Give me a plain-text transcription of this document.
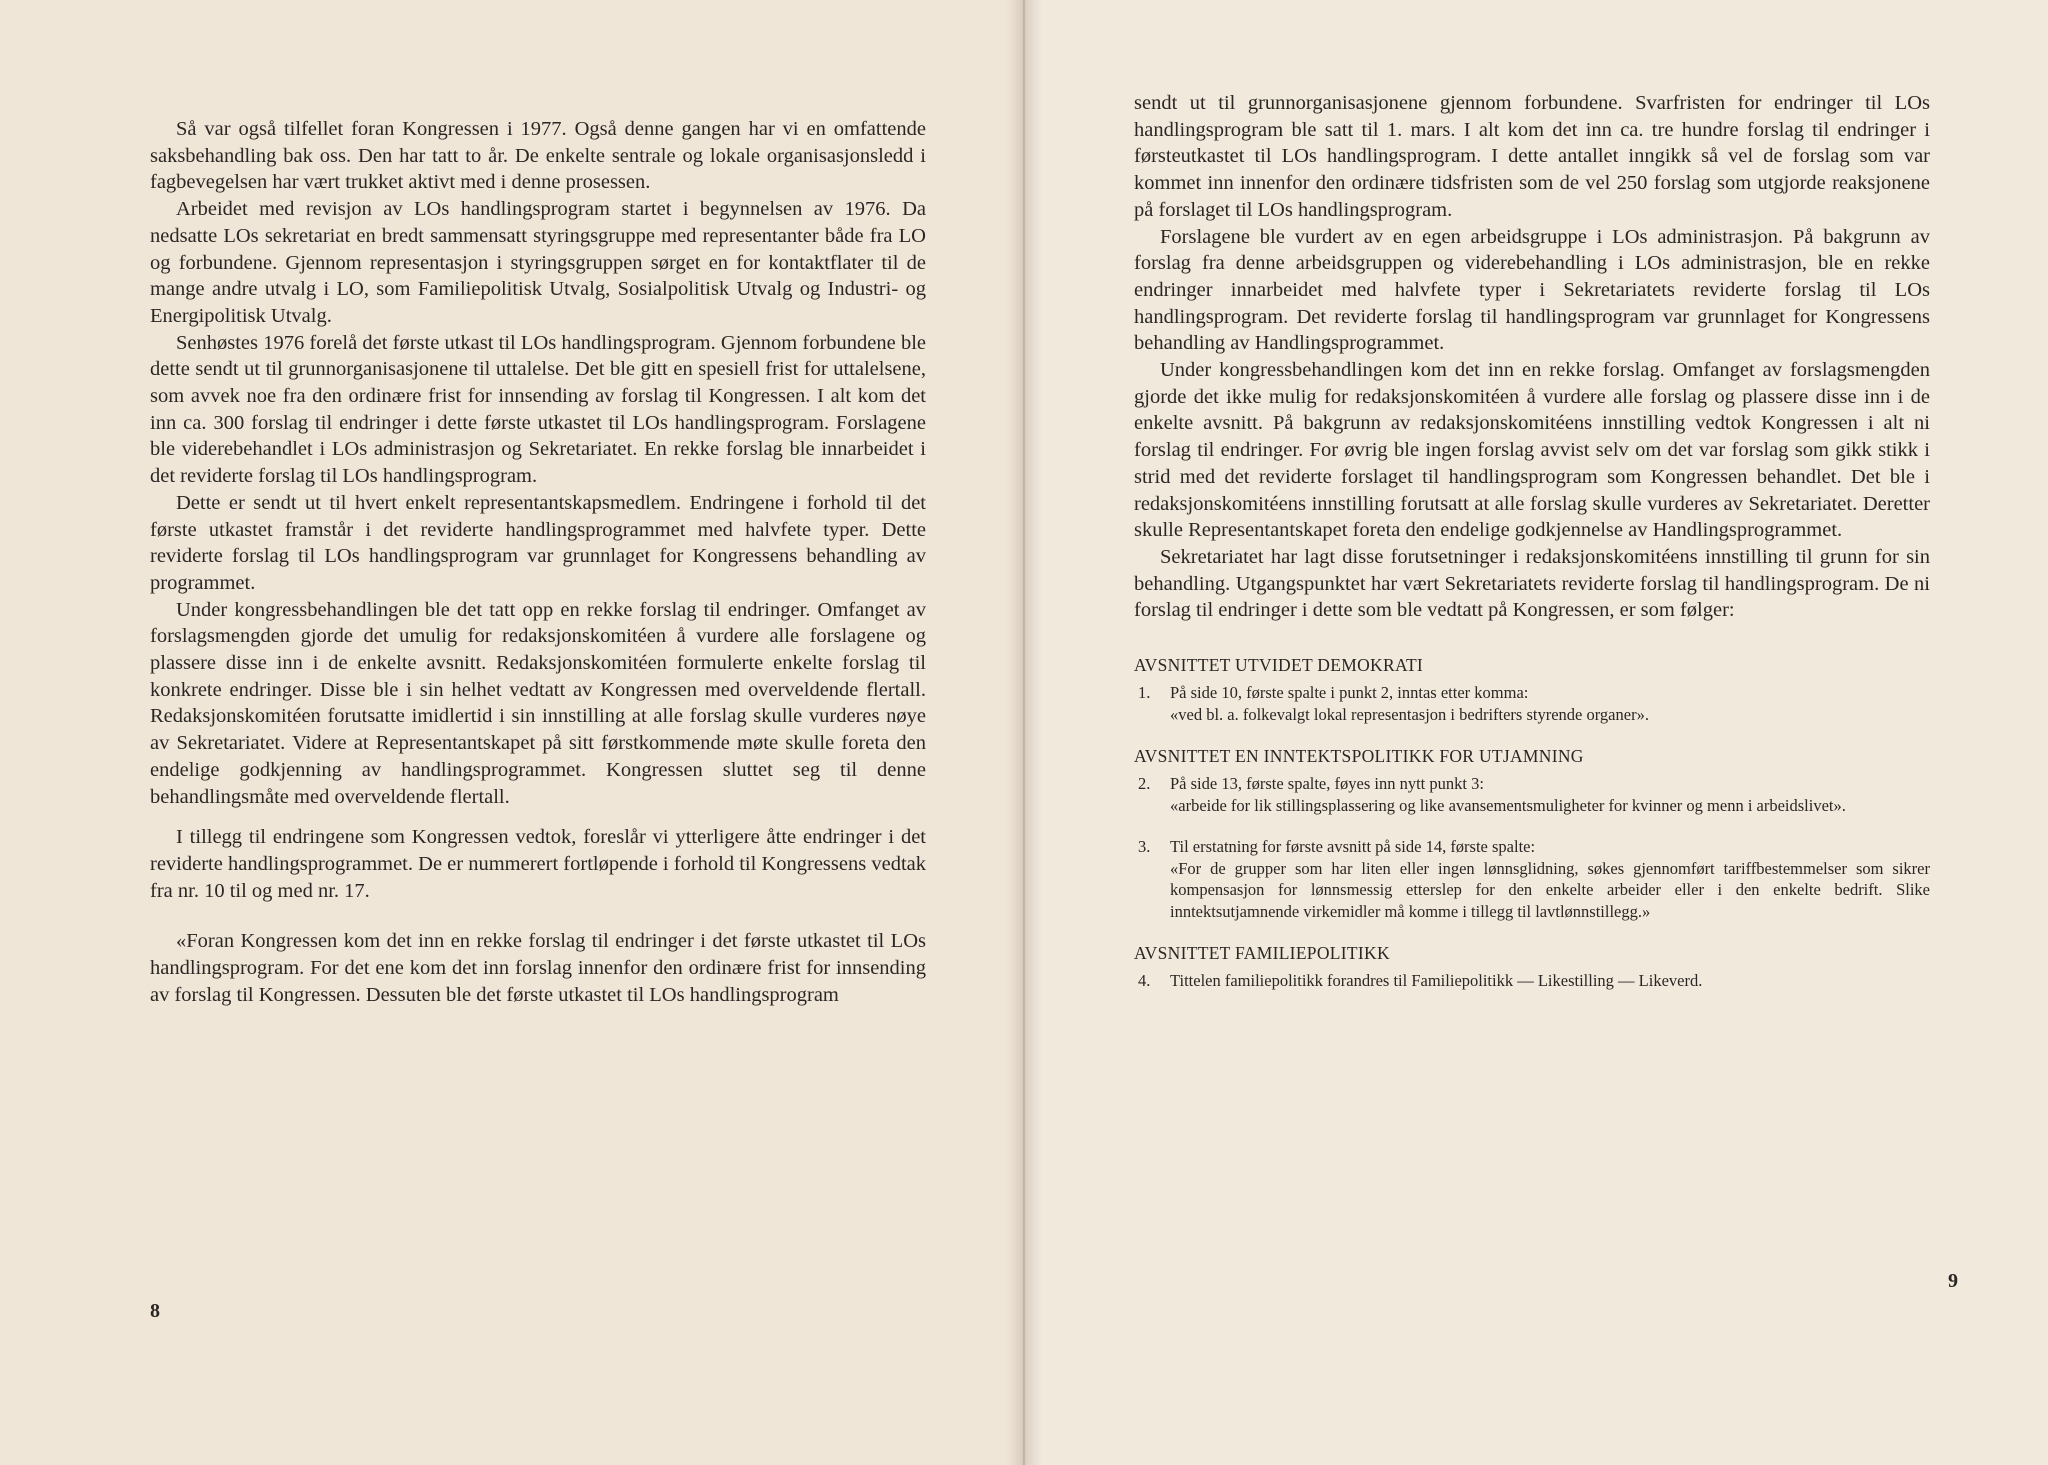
Så var også tilfellet foran Kongressen i 1977. Også denne gangen har vi en omfattende saksbehandling bak oss. Den har tatt to år. De enkelte sentrale og lokale organisasjonsledd i fagbevegelsen har vært trukket aktivt med i denne prosessen.

Arbeidet med revisjon av LOs handlingsprogram startet i begynnelsen av 1976. Da nedsatte LOs sekretariat en bredt sammensatt styringsgruppe med representanter både fra LO og forbundene. Gjennom representasjon i styringsgruppen sørget en for kontaktflater til de mange andre utvalg i LO, som Familiepolitisk Utvalg, Sosialpolitisk Utvalg og Industri- og Energipolitisk Utvalg.

Senhøstes 1976 forelå det første utkast til LOs handlingsprogram. Gjennom forbundene ble dette sendt ut til grunnorganisasjonene til uttalelse. Det ble gitt en spesiell frist for uttalelsene, som avvek noe fra den ordinære frist for innsending av forslag til Kongressen. I alt kom det inn ca. 300 forslag til endringer i dette første utkastet til LOs handlingsprogram. Forslagene ble viderebehandlet i LOs administrasjon og Sekretariatet. En rekke forslag ble innarbeidet i det reviderte forslag til LOs handlingsprogram.

Dette er sendt ut til hvert enkelt representantskapsmedlem. Endringene i forhold til det første utkastet framstår i det reviderte handlingsprogrammet med halvfete typer. Dette reviderte forslag til LOs handlingsprogram var grunnlaget for Kongressens behandling av programmet.

Under kongressbehandlingen ble det tatt opp en rekke forslag til endringer. Omfanget av forslagsmengden gjorde det umulig for redaksjonskomitéen å vurdere alle forslagene og plassere disse inn i de enkelte avsnitt. Redaksjonskomitéen formulerte enkelte forslag til konkrete endringer. Disse ble i sin helhet vedtatt av Kongressen med overveldende flertall. Redaksjonskomitéen forutsatte imidlertid i sin innstilling at alle forslag skulle vurderes nøye av Sekretariatet. Videre at Representantskapet på sitt førstkommende møte skulle foreta den endelige godkjenning av handlingsprogrammet. Kongressen sluttet seg til denne behandlingsmåte med overveldende flertall.

I tillegg til endringene som Kongressen vedtok, foreslår vi ytterligere åtte endringer i det reviderte handlingsprogrammet. De er nummerert fortløpende i forhold til Kongressens vedtak fra nr. 10 til og med nr. 17.

«Foran Kongressen kom det inn en rekke forslag til endringer i det første utkastet til LOs handlingsprogram. For det ene kom det inn forslag innenfor den ordinære frist for innsending av forslag til Kongressen. Dessuten ble det første utkastet til LOs handlingsprogram

8

sendt ut til grunnorganisasjonene gjennom forbundene. Svarfristen for endringer til LOs handlingsprogram ble satt til 1. mars. I alt kom det inn ca. tre hundre forslag til endringer i førsteutkastet til LOs handlingsprogram. I dette antallet inngikk så vel de forslag som var kommet inn innenfor den ordinære tidsfristen som de vel 250 forslag som utgjorde reaksjonene på forslaget til LOs handlingsprogram.

Forslagene ble vurdert av en egen arbeidsgruppe i LOs administrasjon. På bakgrunn av forslag fra denne arbeidsgruppen og viderebehandling i LOs administrasjon, ble en rekke endringer innarbeidet med halvfete typer i Sekretariatets reviderte forslag til LOs handlingsprogram. Det reviderte forslag til handlingsprogram var grunnlaget for Kongressens behandling av Handlingsprogrammet.

Under kongressbehandlingen kom det inn en rekke forslag. Omfanget av forslagsmengden gjorde det ikke mulig for redaksjonskomitéen å vurdere alle forslag og plassere disse inn i de enkelte avsnitt. På bakgrunn av redaksjonskomitéens innstilling vedtok Kongressen i alt ni forslag til endringer. For øvrig ble ingen forslag avvist selv om det var forslag som gikk stikk i strid med det reviderte forslaget til handlingsprogram som Kongressen behandlet. Det ble i redaksjonskomitéens innstilling forutsatt at alle forslag skulle vurderes av Sekretariatet. Deretter skulle Representantskapet foreta den endelige godkjennelse av Handlingsprogrammet.

Sekretariatet har lagt disse forutsetninger i redaksjonskomitéens innstilling til grunn for sin behandling. Utgangspunktet har vært Sekretariatets reviderte forslag til handlingsprogram. De ni forslag til endringer i dette som ble vedtatt på Kongressen, er som følger:

AVSNITTET UTVIDET DEMOKRATI

1.	På side 10, første spalte i punkt 2, inntas etter komma:
«ved bl. a. folkevalgt lokal representasjon i bedrifters styrende organer».

AVSNITTET EN INNTEKTSPOLITIKK FOR UTJAMNING

2.	På side 13, første spalte, føyes inn nytt punkt 3:
«arbeide for lik stillingsplassering og like avansementsmuligheter for kvinner og menn i arbeidslivet».
3.	Til erstatning for første avsnitt på side 14, første spalte:
«For de grupper som har liten eller ingen lønnsglidning, søkes gjennomført tariffbestemmelser som sikrer kompensasjon for lønnsmessig etterslep for den enkelte arbeider eller i den enkelte bedrift. Slike inntektsutjamnende virkemidler må komme i tillegg til lavtlønnstillegg.»

AVSNITTET FAMILIEPOLITIKK

4.	Tittelen familiepolitikk forandres til Familiepolitikk — Likestilling — Likeverd.
9
